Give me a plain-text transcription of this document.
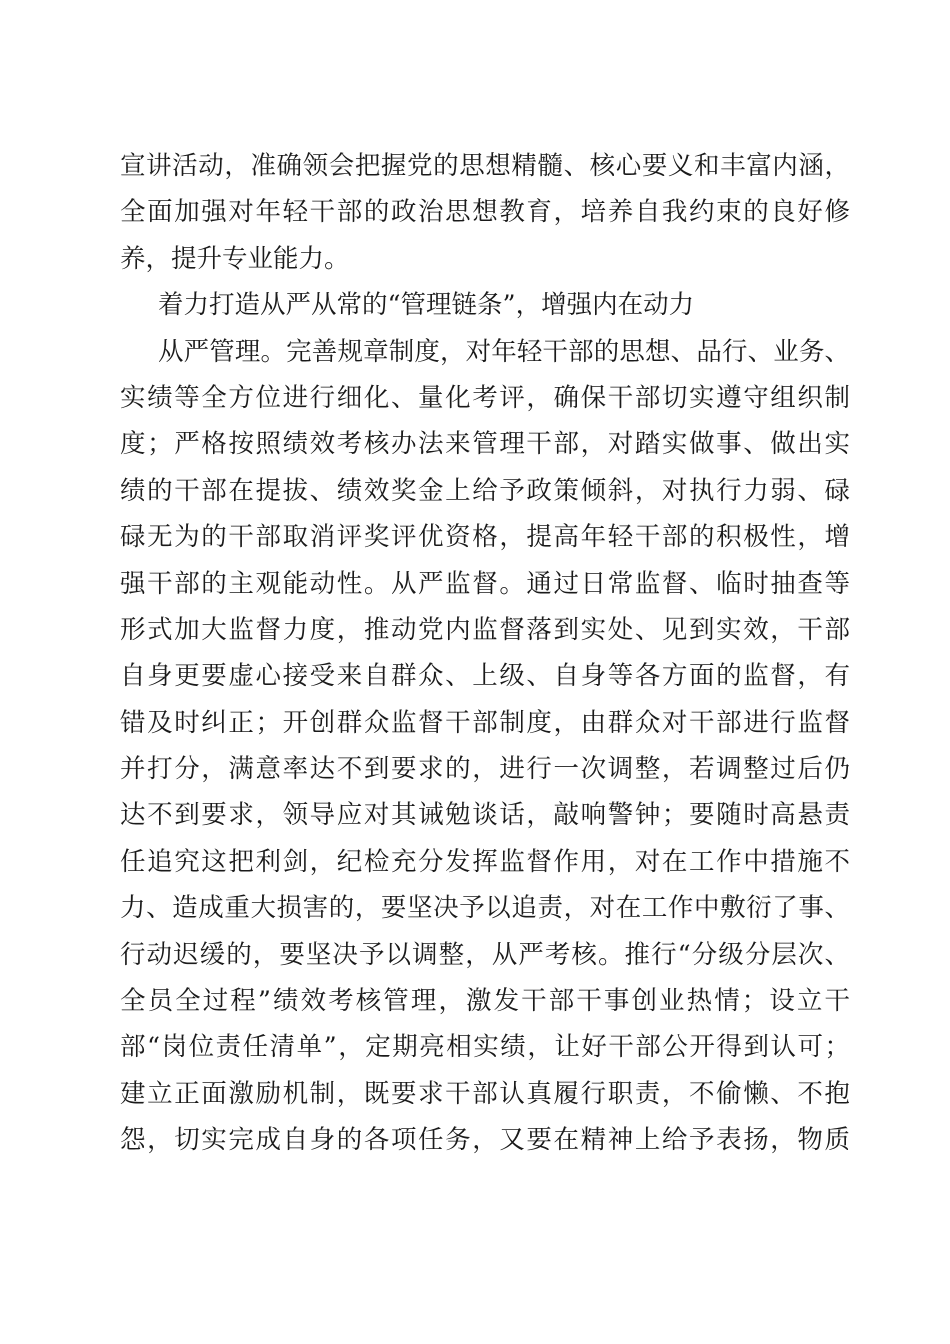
宣讲活动，准确领会把握党的思想精髓、核心要义和丰富内涵，
全面加强对年轻干部的政治思想教育，培养自我约束的良好修
养，提升专业能力。
着力打造从严从常的“管理链条”，增强内在动力
从严管理。完善规章制度，对年轻干部的思想、品行、业务、
实绩等全方位进行细化、量化考评，确保干部切实遵守组织制
度；严格按照绩效考核办法来管理干部，对踏实做事、做出实
绩的干部在提拔、绩效奖金上给予政策倾斜，对执行力弱、碌
碌无为的干部取消评奖评优资格，提高年轻干部的积极性，增
强干部的主观能动性。从严监督。通过日常监督、临时抽查等
形式加大监督力度，推动党内监督落到实处、见到实效，干部
自身更要虚心接受来自群众、上级、自身等各方面的监督，有
错及时纠正；开创群众监督干部制度，由群众对干部进行监督
并打分，满意率达不到要求的，进行一次调整，若调整过后仍
达不到要求，领导应对其诫勉谈话，敲响警钟；要随时高悬责
任追究这把利剑，纪检充分发挥监督作用，对在工作中措施不
力、造成重大损害的，要坚决予以追责，对在工作中敷衍了事、
行动迟缓的，要坚决予以调整，从严考核。推行“分级分层次、
全员全过程”绩效考核管理，激发干部干事创业热情；设立干
部“岗位责任清单”，定期亮相实绩，让好干部公开得到认可；
建立正面激励机制，既要求干部认真履行职责，不偷懒、不抱
怨，切实完成自身的各项任务，又要在精神上给予表扬，物质
